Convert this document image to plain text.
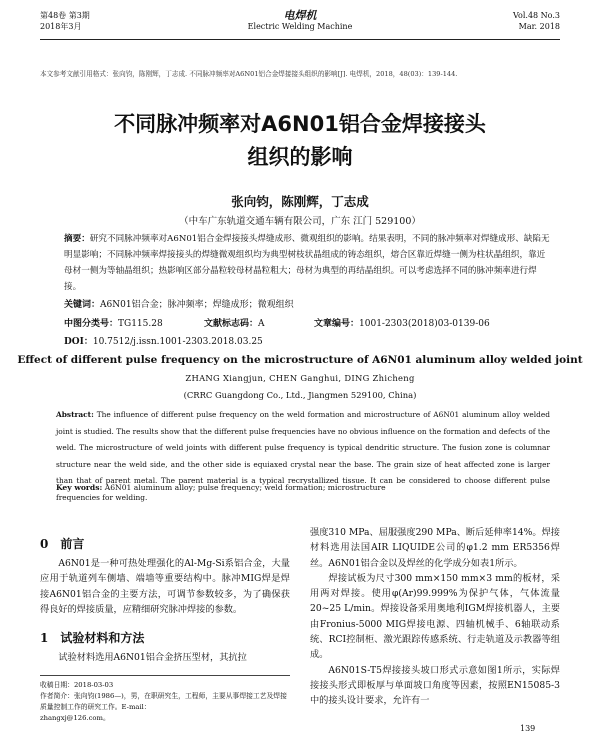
第48卷 第3期
2018年3月
电焊机
Electric Welding Machine
Vol.48 No.3
Mar. 2018
本文参考文献引用格式：张向钧，陈刚辉，丁志成. 不同脉冲频率对A6N01铝合金焊接接头组织的影响[J]. 电焊机，2018，48(03)：139-144.
不同脉冲频率对A6N01铝合金焊接接头
组织的影响
张向钧，陈刚辉，丁志成
（中车广东轨道交通车辆有限公司，广东 江门 529100）
摘要：研究不同脉冲频率对A6N01铝合金焊接接头焊缝成形、微观组织的影响。结果表明，不同的脉冲频率对焊缝成形、缺陷无明显影响；不同脉冲频率焊接接头的焊缝微观组织均为典型树枝状晶组成的铸态组织，熔合区靠近焊缝一侧为柱状晶组织，靠近母材一侧为等轴晶组织；热影响区部分晶粒较母材晶粒粗大；母材为典型的再结晶组织。可以考虑选择不同的脉冲频率进行焊接。
关键词：A6N01铝合金；脉冲频率；焊缝成形；微观组织
中图分类号：TG115.28	文献标志码：A	文章编号：1001-2303(2018)03-0139-06
DOI：10.7512/j.issn.1001-2303.2018.03.25
Effect of different pulse frequency on the microstructure of A6N01 aluminum alloy welded joint
ZHANG Xiangjun, CHEN Ganghui, DING Zhicheng
(CRRC Guangdong Co., Ltd., Jiangmen 529100, China)
Abstract: The influence of different pulse frequency on the weld formation and microstructure of A6N01 aluminum alloy welded joint is studied. The results show that the different pulse frequencies have no obvious influence on the formation and defects of the weld. The microstructure of weld joints with different pulse frequency is typical dendritic structure. The fusion zone is columnar structure near the weld side, and the other side is equiaxed crystal near the base. The grain size of heat affected zone is larger than that of parent metal. The parent material is a typical recrystallized tissue. It can be considered to choose different pulse frequencies for welding.
Key words: A6N01 aluminum alloy; pulse frequency; weld formation; microstructure
0　前言

A6N01是一种可热处理强化的Al-Mg-Si系铝合金，大量应用于轨道列车侧墙、端墙等重要结构中。脉冲MIG焊是焊接A6N01铝合金的主要方法，可调节参数较多，为了确保获得良好的焊接质量，应精细研究脉冲焊接的参数。

1　试验材料和方法

试验材料选用A6N01铝合金挤压型材，其抗拉

强度310 MPa、屈服强度290 MPa、断后延伸率14%。焊接材料选用法国AIR LIQUIDE公司的φ1.2 mm ER5356焊丝。A6N01铝合金以及焊丝的化学成分如表1所示。

焊接试板为尺寸300 mm×150 mm×3 mm的板材，采用两对焊接。使用φ(Ar)99.999%为保护气体，气体流量20~25 L/min。焊接设备采用奥地利IGM焊接机器人，主要由Fronius-5000 MIG焊接电源、四轴机械手、6轴联动系统、RCI控制柜、激光跟踪传感系统、行走轨道及示教器等组成。

A6N01S-T5焊接接头坡口形式示意如图1所示，实际焊接接头形式即板厚与单面坡口角度等因素，按照EN15085-3中的接头设计要求，允许有一

收稿日期：2018-03-03
作者简介：张向钧(1986—)，男，在职研究生，工程师，主要从事焊接工艺及焊接质量控制工作的研究工作。E-mail：
zhangxj@126.com。
139
